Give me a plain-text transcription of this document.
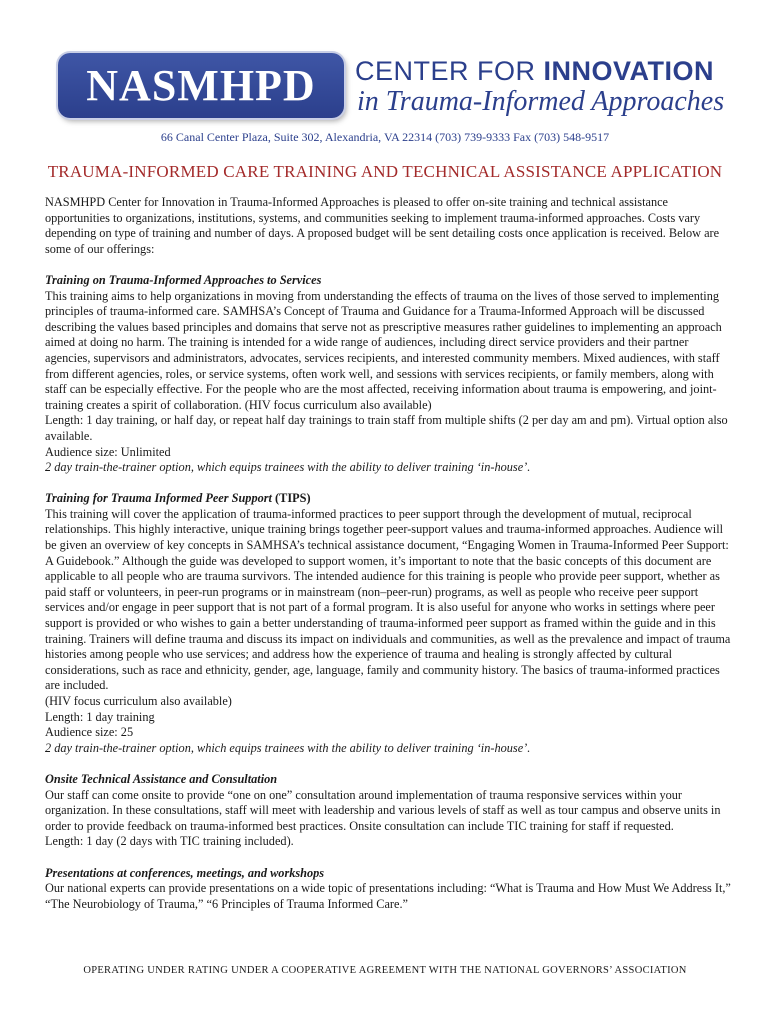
NASMHPD CENTER FOR INNOVATION
in Trauma-Informed Approaches
66 Canal Center Plaza, Suite 302, Alexandria, VA 22314 (703) 739-9333 Fax (703) 548-9517
TRAUMA-INFORMED CARE TRAINING AND TECHNICAL ASSISTANCE APPLICATION

NASMHPD Center for Innovation in Trauma-Informed Approaches is pleased to offer on-site training and technical assistance opportunities to organizations, institutions, systems, and communities seeking to implement trauma-informed approaches. Costs vary depending on type of training and number of days. A proposed budget will be sent detailing costs once application is received. Below are some of our offerings:

Training on Trauma-Informed Approaches to Services

This training aims to help organizations in moving from understanding the effects of trauma on the lives of those served to implementing principles of trauma-informed care. SAMHSA’s Concept of Trauma and Guidance for a Trauma-Informed Approach will be discussed describing the values based principles and domains that serve not as prescriptive measures rather guidelines to implementing an approach aimed at doing no harm. The training is intended for a wide range of audiences, including direct service providers and their partner agencies, supervisors and administrators, advocates, services recipients, and interested community members. Mixed audiences, with staff from different agencies, roles, or service systems, often work well, and sessions with services recipients, or family members, along with staff can be especially effective. For the people who are the most affected, receiving information about trauma is empowering, and joint-training creates a spirit of collaboration. (HIV focus curriculum also available)

Length: 1 day training, or half day, or repeat half day trainings to train staff from multiple shifts (2 per day am and pm). Virtual option also available.

Audience size: Unlimited

2 day train-the-trainer option, which equips trainees with the ability to deliver training ‘in-house’.

Training for Trauma Informed Peer Support (TIPS)

This training will cover the application of trauma-informed practices to peer support through the development of mutual, reciprocal relationships. This highly interactive, unique training brings together peer-support values and trauma-informed approaches. Audience will be given an overview of key concepts in SAMHSA’s technical assistance document, “Engaging Women in Trauma-Informed Peer Support: A Guidebook.” Although the guide was developed to support women, it’s important to note that the basic concepts of this document are applicable to all people who are trauma survivors. The intended audience for this training is people who provide peer support, whether as paid staff or volunteers, in peer-run programs or in mainstream (non–peer-run) programs, as well as people who receive peer support services and/or engage in peer support that is not part of a formal program. It is also useful for anyone who works in settings where peer support is provided or who wishes to gain a better understanding of trauma-informed peer support as framed within the guide and in this training. Trainers will define trauma and discuss its impact on individuals and communities, as well as the prevalence and impact of trauma histories among people who use services; and address how the experience of trauma and healing is strongly affected by cultural considerations, such as race and ethnicity, gender, age, language, family and community history. The basics of trauma-informed practices are included.

(HIV focus curriculum also available)

Length: 1 day training

Audience size: 25

2 day train-the-trainer option, which equips trainees with the ability to deliver training ‘in-house’.

Onsite Technical Assistance and Consultation

Our staff can come onsite to provide “one on one” consultation around implementation of trauma responsive services within your organization. In these consultations, staff will meet with leadership and various levels of staff as well as tour campus and observe units in order to provide feedback on trauma-informed best practices. Onsite consultation can include TIC training for staff if requested.

Length: 1 day (2 days with TIC training included).

Presentations at conferences, meetings, and workshops

Our national experts can provide presentations on a wide topic of presentations including: “What is Trauma and How Must We Address It,” “The Neurobiology of Trauma,” “6 Principles of Trauma Informed Care.”

OPERATING UNDER RATING UNDER A COOPERATIVE AGREEMENT WITH THE NATIONAL GOVERNORS’ ASSOCIATION
